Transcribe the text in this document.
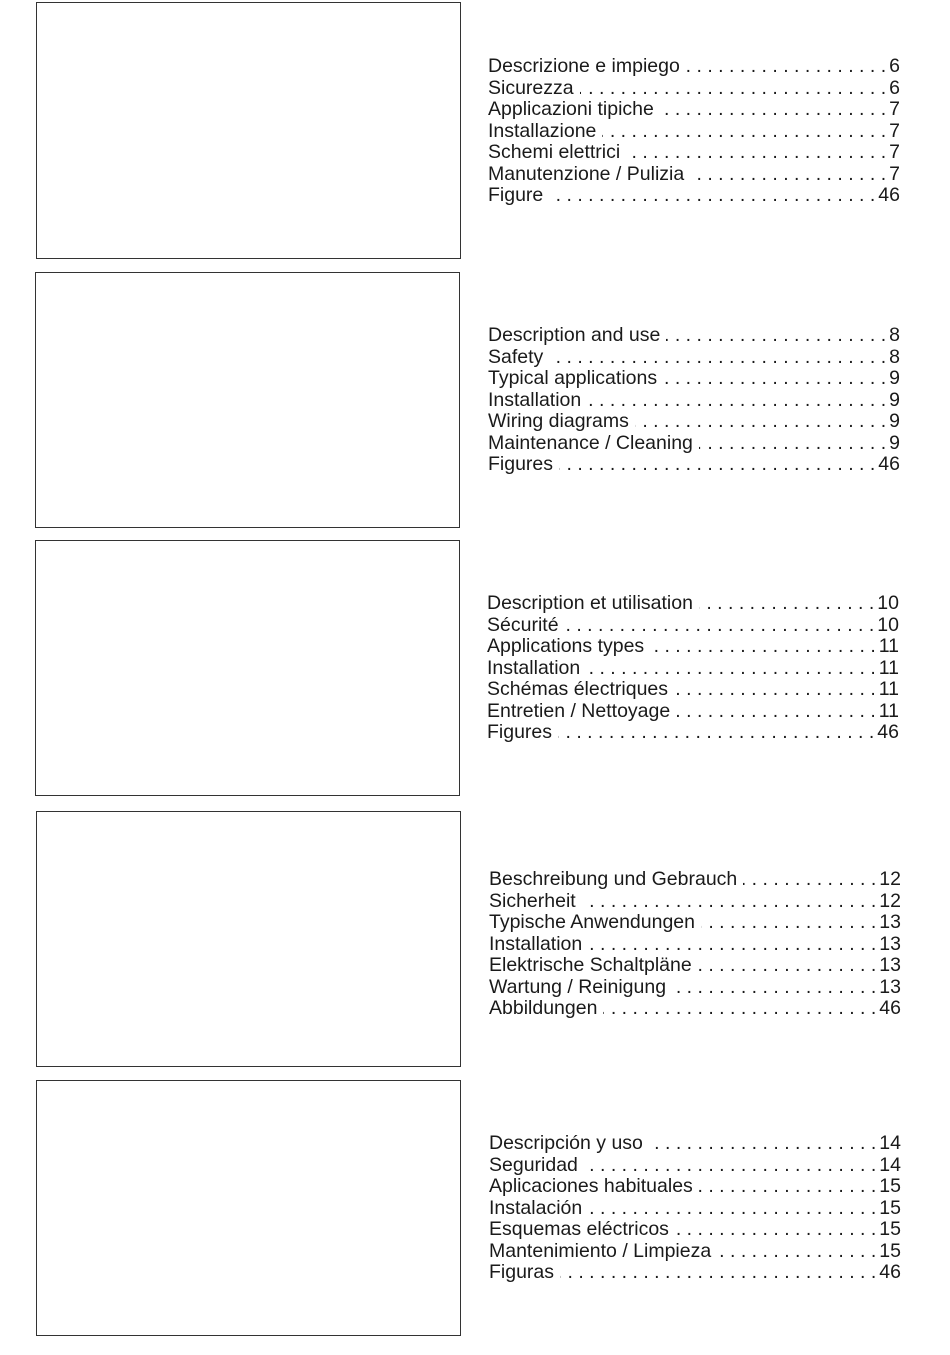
Descrizione e impiego . . .	6
Sicurezza . . .	6
Applicazioni tipiche . . .	7
Installazione . . .	7
Schemi elettrici . . .	7
Manutenzione / Pulizia . . .	7
Figure . . .	46
Description and use . . .	8
Safety . . .	8
Typical applications . . .	9
Installation . . .	9
Wiring diagrams . . .	9
Maintenance / Cleaning . . .	9
Figures . . .	46
Description et utilisation . . .	10
Sécurité . . .	10
Applications types . . .	11
Installation . . .	11
Schémas électriques . . .	11
Entretien / Nettoyage . . .	11
Figures . . .	46
Beschreibung und Gebrauch . . .	12
Sicherheit . . .	12
Typische Anwendungen . . .	13
Installation . . .	13
Elektrische Schaltpläne . . .	13
Wartung / Reinigung . . .	13
Abbildungen . . .	46
Descripción y uso . . .	14
Seguridad . . .	14
Aplicaciones habituales . . .	15
Instalación . . .	15
Esquemas eléctricos . . .	15
Mantenimiento / Limpieza . . .	15
Figuras . . .	46
